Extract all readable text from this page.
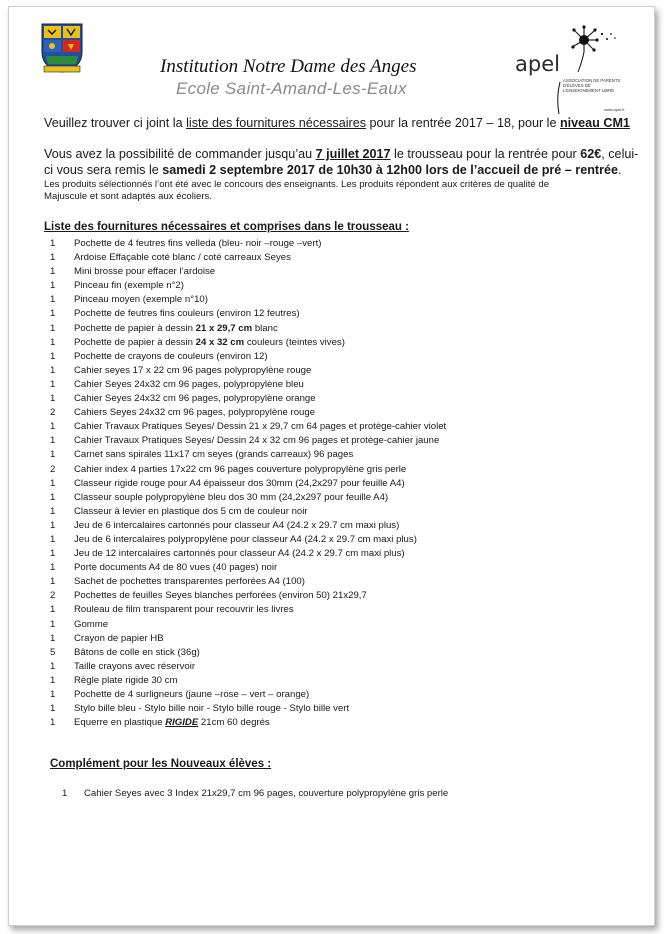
Institution Notre Dame des Anges
Ecole Saint-Amand-Les-Eaux
apel
ASSOCIATION DE PARENTS D'ÉLÈVES DE L'ENSEIGNEMENT LIBRE
www.apel.fr
Veuillez trouver ci joint la liste des fournitures nécessaires pour la rentrée 2017 – 18, pour le niveau CM1
Vous avez la possibilité de commander jusqu’au 7 juillet 2017 le trousseau pour la rentrée pour 62€, celui-
ci vous sera remis le samedi 2 septembre 2017 de 10h30 à 12h00 lors de l’accueil de pré – rentrée.
Les produits sélectionnés l’ont été avec le concours des enseignants. Les produits répondent aux critères de qualité de
Majuscule et sont adaptés aux écoliers.
Liste des fournitures nécessaires et comprises dans le trousseau :
1 Pochette de 4 feutres fins velleda (bleu- noir –rouge –vert)
1 Ardoise Effaçable coté blanc / coté carreaux Seyes
1 Mini brosse pour effacer l’ardoise
1 Pinceau fin (exemple n°2)
1 Pinceau moyen (exemple n°10)
1 Pochette de feutres fins couleurs (environ 12 feutres)
1 Pochette de papier à dessin 21 x 29,7 cm blanc
1 Pochette de papier à dessin 24 x 32 cm couleurs (teintes vives)
1 Pochette de crayons de couleurs (environ 12)
1 Cahier seyes 17 x 22 cm 96 pages polypropylène rouge
1 Cahier Seyes 24x32 cm 96 pages, polypropylène bleu
1 Cahier Seyes 24x32 cm 96 pages, polypropylène orange
2 Cahiers Seyes 24x32 cm 96 pages, polypropylène rouge
1 Cahier Travaux Pratiques Seyes/ Dessin 21 x 29,7 cm 64 pages et protège-cahier violet
1 Cahier Travaux Pratiques Seyes/ Dessin 24 x 32 cm 96 pages et protège-cahier jaune
1 Carnet sans spirales 11x17 cm seyes (grands carreaux) 96 pages
2 Cahier index 4 parties 17x22 cm 96 pages couverture polypropylène gris perle
1 Classeur rigide rouge pour A4 épaisseur dos 30mm (24,2x297 pour feuille A4)
1 Classeur souple polypropylène bleu dos 30 mm (24,2x297 pour feuille A4)
1 Classeur à levier en plastique dos 5 cm de couleur noir
1 Jeu de 6 intercalaires cartonnés pour classeur A4 (24.2 x 29.7 cm maxi plus)
1 Jeu de 6 intercalaires polypropylène pour classeur A4 (24.2 x 29.7 cm maxi plus)
1 Jeu de 12 intercalaires cartonnés pour classeur A4 (24.2 x 29.7 cm maxi plus)
1 Porte documents A4 de 80 vues (40 pages) noir
1 Sachet de pochettes transparentes perforées A4 (100)
2 Pochettes de feuilles Seyes blanches perforées (environ 50) 21x29,7
1 Rouleau de film transparent pour recouvrir les livres
1 Gomme
1 Crayon de papier HB
5 Bâtons de colle en stick (36g)
1 Taille crayons avec réservoir
1 Règle plate rigide 30 cm
1 Pochette de 4 surligneurs (jaune –rose – vert – orange)
1 Stylo bille bleu - Stylo bille noir - Stylo bille rouge - Stylo bille vert
1 Equerre en plastique RIGIDE 21cm 60 degrés
Complément pour les Nouveaux élèves :
1 Cahier Seyes avec 3 Index 21x29,7 cm 96 pages, couverture polypropylène gris perle
